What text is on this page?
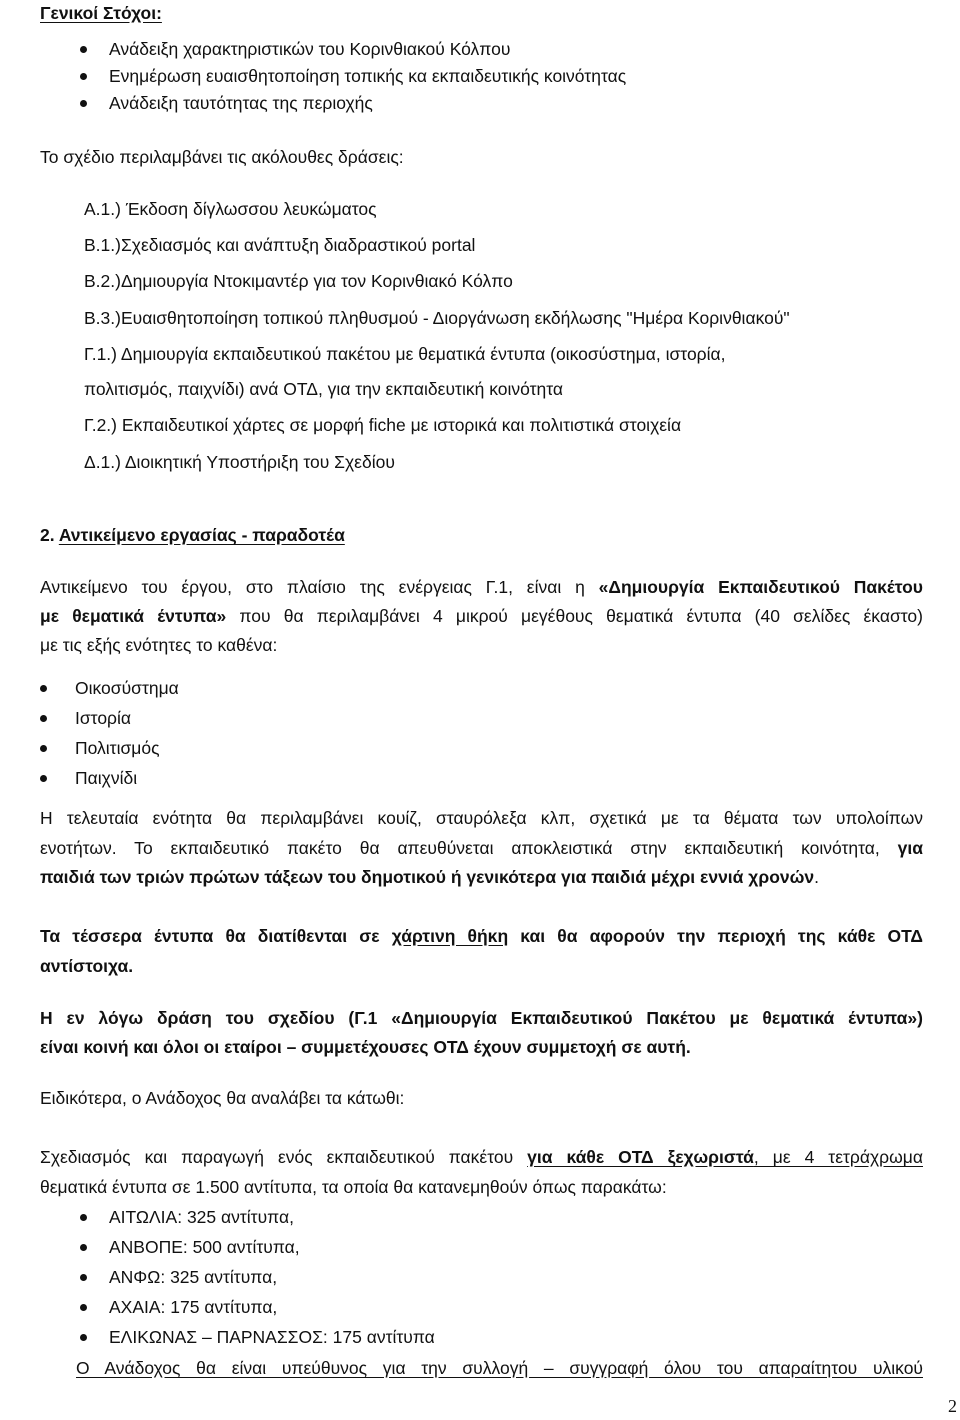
Γενικοί Στόχοι:
Ανάδειξη χαρακτηριστικών του Κορινθιακού Κόλπου
Ενημέρωση ευαισθητοποίηση τοπικής κα εκπαιδευτικής κοινότητας
Ανάδειξη ταυτότητας της περιοχής
Το σχέδιο περιλαμβάνει τις ακόλουθες δράσεις:
Α.1.) Έκδοση δίγλωσσου λευκώματος
Β.1.)Σχεδιασμός και ανάπτυξη διαδραστικού portal
Β.2.)Δημιουργία Ντοκιμαντέρ για τον Κορινθιακό Κόλπο
Β.3.)Ευαισθητοποίηση τοπικού πληθυσμού - Διοργάνωση εκδήλωσης "Ημέρα Κορινθιακού"
Γ.1.) Δημιουργία εκπαιδευτικού πακέτου με θεματικά έντυπα (οικοσύστημα, ιστορία,
πολιτισμός, παιχνίδι) ανά ΟΤΔ, για την εκπαιδευτική κοινότητα
Γ.2.) Εκπαιδευτικοί χάρτες σε μορφή fiche με ιστορικά και πολιτιστικά στοιχεία
Δ.1.) Διοικητική Υποστήριξη του Σχεδίου
2. Αντικείμενο εργασίας - παραδοτέα
Αντικείμενο του έργου, στο πλαίσιο της ενέργειας Γ.1, είναι η «Δημιουργία Εκπαιδευτικού Πακέτου
με θεματικά έντυπα» που θα περιλαμβάνει 4 μικρού μεγέθους θεματικά έντυπα (40 σελίδες έκαστο)
με τις εξής ενότητες το καθένα:
Οικοσύστημα
Ιστορία
Πολιτισμός
Παιχνίδι
Η τελευταία ενότητα θα περιλαμβάνει κουίζ, σταυρόλεξα κλπ, σχετικά με τα θέματα των υπολοίπων
ενοτήτων. Το εκπαιδευτικό πακέτο θα απευθύνεται αποκλειστικά στην εκπαιδευτική κοινότητα, για
παιδιά των τριών πρώτων τάξεων του δημοτικού ή γενικότερα για παιδιά μέχρι εννιά χρονών.
Τα τέσσερα έντυπα θα διατίθενται σε χάρτινη θήκη και θα αφορούν την περιοχή της κάθε ΟΤΔ
αντίστοιχα.
Η εν λόγω δράση του σχεδίου (Γ.1 «Δημιουργία Εκπαιδευτικού Πακέτου με θεματικά έντυπα»)
είναι κοινή και όλοι οι εταίροι – συμμετέχουσες ΟΤΔ έχουν συμμετοχή σε αυτή.
Ειδικότερα, ο Ανάδοχος θα αναλάβει τα κάτωθι:
Σχεδιασμός και παραγωγή ενός εκπαιδευτικού πακέτου για κάθε ΟΤΔ ξεχωριστά, με 4 τετράχρωμα
θεματικά έντυπα σε 1.500 αντίτυπα, τα οποία θα κατανεμηθούν όπως παρακάτω:
ΑΙΤΩΛΙΑ: 325 αντίτυπα,
ΑΝΒΟΠΕ: 500 αντίτυπα,
ΑΝΦΩ: 325 αντίτυπα,
ΑΧΑΙΑ: 175 αντίτυπα,
ΕΛΙΚΩΝΑΣ – ΠΑΡΝΑΣΣΟΣ: 175 αντίτυπα
Ο Ανάδοχος θα είναι υπεύθυνος για την συλλογή – συγγραφή όλου του απαραίτητου υλικού
2
